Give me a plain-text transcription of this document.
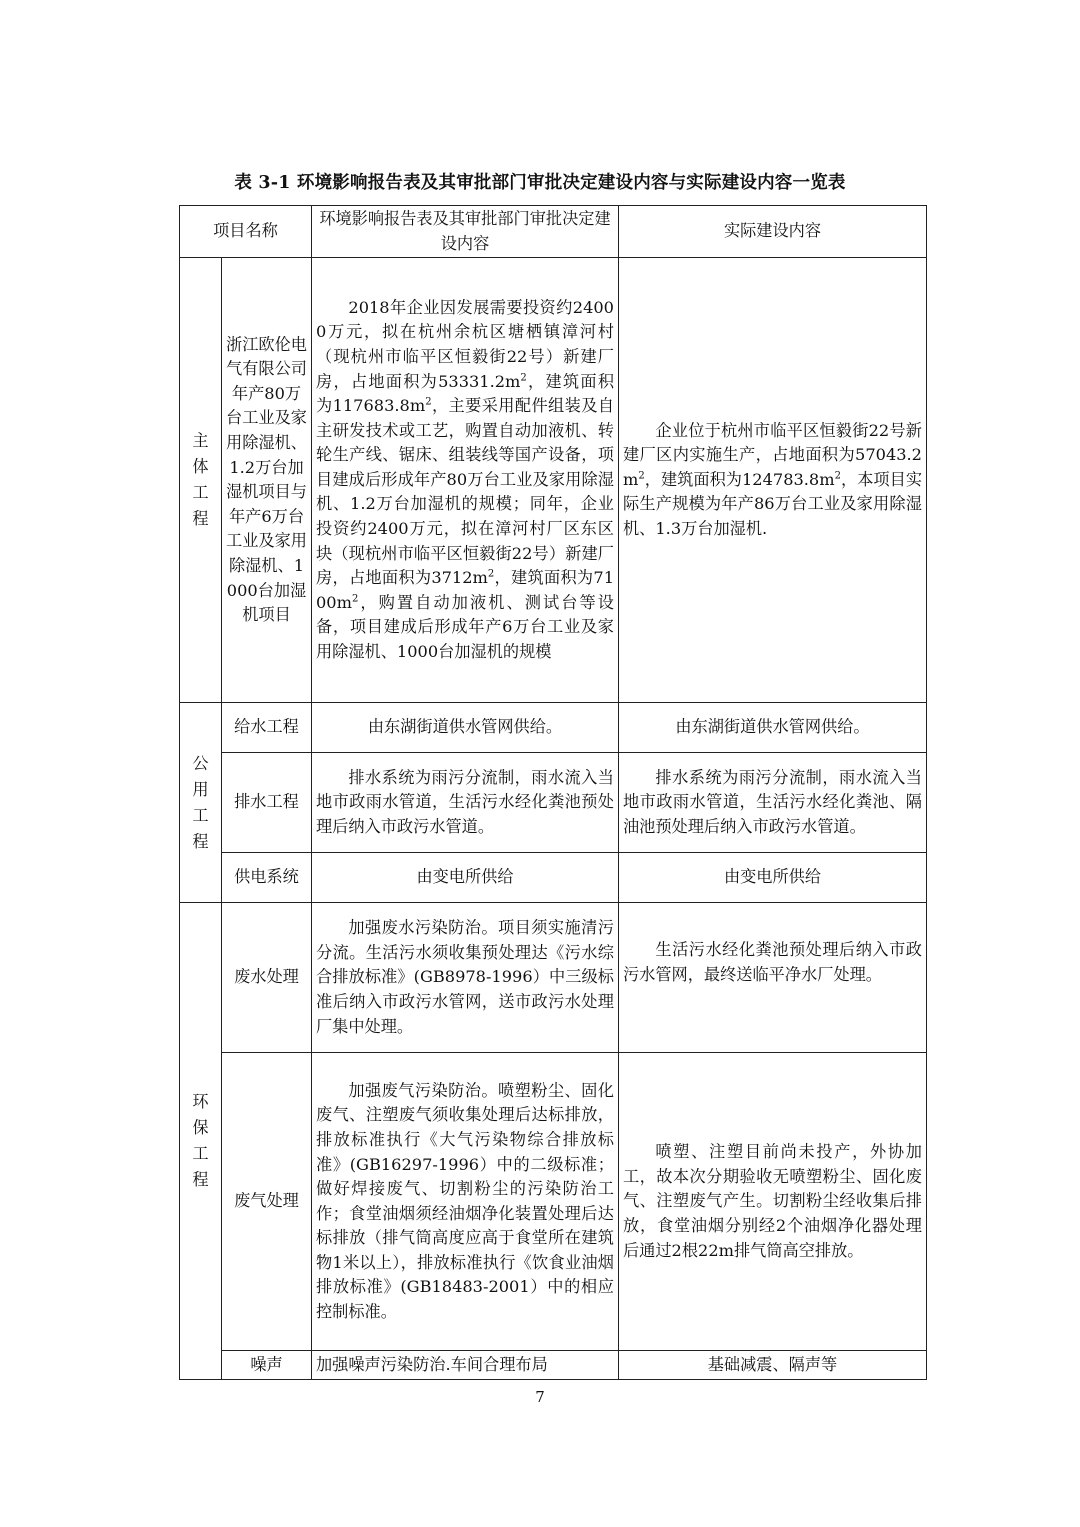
表 3-1 环境影响报告表及其审批部门审批决定建设内容与实际建设内容一览表
项目名称		环境影响报告表及其审批部门审批决定建设内容	实际建设内容

主体工程	浙江欧伦电气有限公司年产80万台工业及家用除湿机、1.2万台加湿机项目与年产6万台工业及家用除湿机、1000台加湿机项目	2018年企业因发展需要投资约24000万元，拟在杭州余杭区塘栖镇漳河村（现杭州市临平区恒毅街22号）新建厂房，占地面积为$53331.2m^2$，建筑面积为$117683.8m^2$，主要采用配件组装及自主研发技术或工艺，购置自动加液机、转轮生产线、锯床、组装线等国产设备，项目建成后形成年产80万台工业及家用除湿机、1.2万台加湿机的规模；同年，企业投资约2400万元，拟在漳河村厂区东区块（现杭州市临平区恒毅街22号）新建厂房，占地面积为$3712m^2$，建筑面积为$7100m^2$，购置自动加液机、测试台等设备，项目建成后形成年产6万台工业及家用除湿机、1000台加湿机的规模	企业位于杭州市临平区恒毅街22号新建厂区内实施生产，占地面积为$57043.2m^2$，建筑面积为$124783.8m^2$，本项目实际生产规模为年产86万台工业及家用除湿机、1.3万台加湿机.

公用工程	给水工程	由东湖街道供水管网供给。	由东湖街道供水管网供给。
	排水工程	排水系统为雨污分流制，雨水流入当地市政雨水管道，生活污水经化粪池预处理后纳入市政污水管道。	排水系统为雨污分流制，雨水流入当地市政雨水管道，生活污水经化粪池、隔油池预处理后纳入市政污水管道。
	供电系统	由变电所供给	由变电所供给

环保工程	废水处理	加强废水污染防治。项目须实施清污分流。生活污水须收集预处理达《污水综合排放标准》(GB8978-1996）中三级标准后纳入市政污水管网，送市政污水处理厂集中处理。	生活污水经化粪池预处理后纳入市政污水管网，最终送临平净水厂处理。
	废气处理	加强废气污染防治。喷塑粉尘、固化废气、注塑废气须收集处理后达标排放，排放标准执行《大气污染物综合排放标准》(GB16297-1996）中的二级标准；做好焊接废气、切割粉尘的污染防治工作；食堂油烟须经油烟净化装置处理后达标排放（排气筒高度应高于食堂所在建筑物1米以上），排放标准执行《饮食业油烟排放标准》(GB18483-2001）中的相应控制标准。	喷塑、注塑目前尚未投产，外协加工，故本次分期验收无喷塑粉尘、固化废气、注塑废气产生。切割粉尘经收集后排放，食堂油烟分别经2个油烟净化器处理后通过2根22m排气筒高空排放。
	噪声	加强噪声污染防治.车间合理布局	基础减震、隔声等
7
